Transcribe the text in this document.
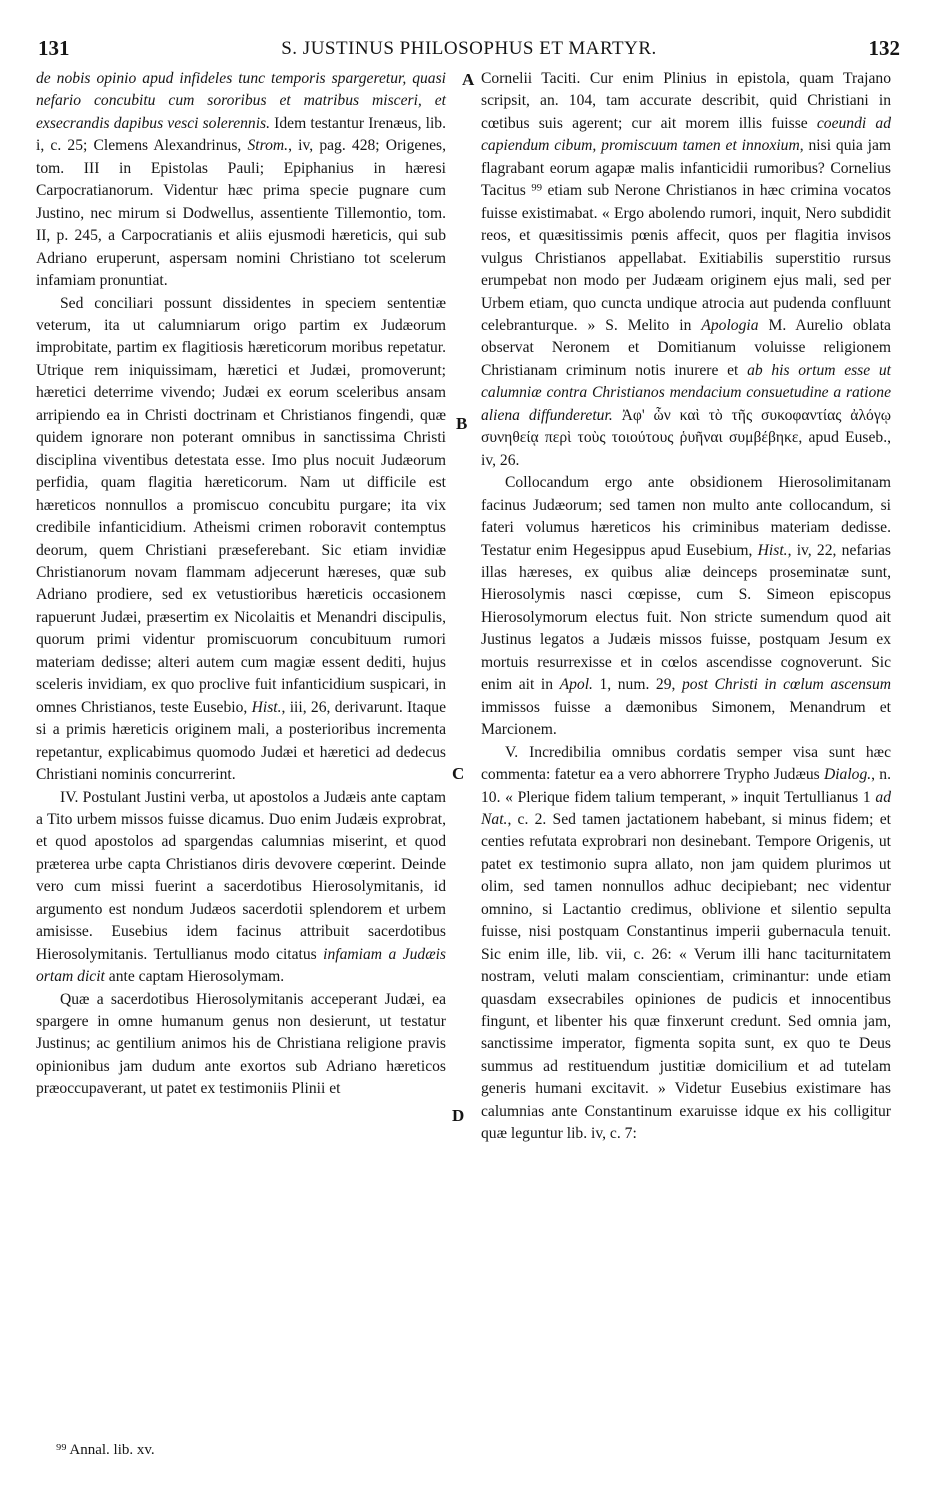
131	S. JUSTINUS PHILOSOPHUS ET MARTYR.	132

de nobis opinio apud infideles tunc temporis spargeretur, quasi nefario concubitu cum sororibus et matribus misceri, et exsecrandis dapibus vesci solerennis. Idem testantur Irenæus, lib. i, c. 25; Clemens Alexandrinus, Strom., iv, pag. 428; Origenes, tom. III in Epistolas Pauli; Epiphanius in hæresi Carpocratianorum. Videntur hæc prima specie pugnare cum Justino, nec mirum si Dodwellus, assentiente Tillemontio, tom. II, p. 245, a Carpocratianis et aliis ejusmodi hæreticis, qui sub Adriano eruperunt, aspersam nomini Christiano tot scelerum infamiam pronuntiat.

Sed conciliari possunt dissidentes in speciem sententiæ veterum, ita ut calumniarum origo partim ex Judæorum improbitate, partim ex flagitiosis hæreticorum moribus repetatur. Utrique rem iniquissimam, hæretici et Judæi, promoverunt; hæretici deterrime vivendo; Judæi ex eorum sceleribus ansam arripiendo ea in Christi doctrinam et Christianos fingendi, quæ quidem ignorare non poterant omnibus in sanctissima Christi disciplina viventibus detestata esse. Imo plus nocuit Judæorum perfidia, quam flagitia hæreticorum. Nam ut difficile est hæreticos nonnullos a promiscuo concubitu purgare; ita vix credibile infanticidium. Atheismi crimen roboravit contemptus deorum, quem Christiani præseferebant. Sic etiam invidiæ Christianorum novam flammam adjecerunt hæreses, quæ sub Adriano prodiere, sed ex vetustioribus hæreticis occasionem rapuerunt Judæi, præsertim ex Nicolaitis et Menandri discipulis, quorum primi videntur promiscuorum concubituum rumori materiam dedisse; alteri autem cum magiæ essent dediti, hujus sceleris invidiam, ex quo proclive fuit infanticidium suspicari, in omnes Christianos, teste Eusebio, Hist., iii, 26, derivarunt. Itaque si a primis hæreticis originem mali, a posterioribus incrementa repetantur, explicabimus quomodo Judæi et hæretici ad dedecus Christiani nominis concurrerint.

IV. Postulant Justini verba, ut apostolos a Judæis ante captam a Tito urbem missos fuisse dicamus. Duo enim Judæis exprobrat, et quod apostolos ad spargendas calumnias miserint, et quod præterea urbe capta Christianos diris devovere cœperint. Deinde vero cum missi fuerint a sacerdotibus Hierosolymitanis, id argumento est nondum Judæos sacerdotii splendorem et urbem amisisse. Eusebius idem facinus attribuit sacerdotibus Hierosolymitanis. Tertullianus modo citatus infamiam a Judæis ortam dicit ante captam Hierosolymam.

Quæ a sacerdotibus Hierosolymitanis acceperant Judæi, ea spargere in omne humanum genus non desierunt, ut testatur Justinus; ac gentilium animos his de Christiana religione pravis opinionibus jam dudum ante exortos sub Adriano hæreticos præoccupaverant, ut patet ex testimoniis Plinii et

Cornelii Taciti. Cur enim Plinius in epistola, quam Trajano scripsit, an. 104, tam accurate describit, quid Christiani in cœtibus suis agerent; cur ait morem illis fuisse coeundi ad capiendum cibum, promiscuum tamen et innoxium, nisi quia jam flagrabant eorum agapæ malis infanticidii rumoribus? Cornelius Tacitus ⁹⁹ etiam sub Nerone Christianos in hæc crimina vocatos fuisse existimabat. « Ergo abolendo rumori, inquit, Nero subdidit reos, et quæsitissimis pœnis affecit, quos per flagitia invisos vulgus Christianos appellabat. Exitiabilis superstitio rursus erumpebat non modo per Judæam originem ejus mali, sed per Urbem etiam, quo cuncta undique atrocia aut pudenda confluunt celebranturque. » S. Melito in Apologia M. Aurelio oblata observat Neronem et Domitianum voluisse religionem Christianam criminum notis inurere et ab his ortum esse ut calumniæ contra Christianos mendacium consuetudine a ratione aliena diffunderetur. Ἀφ' ὧν καὶ τὸ τῆς συκοφαντίας ἀλόγῳ συνηθείᾳ περὶ τοὺς τοιούτους ῥυῆναι συμβέβηκε, apud Euseb., iv, 26.

Collocandum ergo ante obsidionem Hierosolimitanam facinus Judæorum; sed tamen non multo ante collocandum, si fateri volumus hæreticos his criminibus materiam dedisse. Testatur enim Hegesippus apud Eusebium, Hist., iv, 22, nefarias illas hæreses, ex quibus aliæ deinceps proseminatæ sunt, Hierosolymis nasci cœpisse, cum S. Simeon episcopus Hierosolymorum electus fuit. Non stricte sumendum quod ait Justinus legatos a Judæis missos fuisse, postquam Jesum ex mortuis resurrexisse et in cœlos ascendisse cognoverunt. Sic enim ait in Apol. 1, num. 29, post Christi in cœlum ascensum immissos fuisse a dæmonibus Simonem, Menandrum et Marcionem.

V. Incredibilia omnibus cordatis semper visa sunt hæc commenta: fatetur ea a vero abhorrere Trypho Judæus Dialog., n. 10. « Plerique fidem talium temperant, » inquit Tertullianus 1 ad Nat., c. 2. Sed tamen jactationem habebant, si minus fidem; et centies refutata exprobrari non desinebant. Tempore Origenis, ut patet ex testimonio supra allato, non jam quidem plurimos ut olim, sed tamen nonnullos adhuc decipiebant; nec videntur omnino, si Lactantio credimus, oblivione et silentio sepulta fuisse, nisi postquam Constantinus imperii gubernacula tenuit. Sic enim ille, lib. vii, c. 26: « Verum illi hanc taciturnitatem nostram, veluti malam conscientiam, criminantur: unde etiam quasdam exsecrabiles opiniones de pudicis et innocentibus fingunt, et libenter his quæ finxerunt credunt. Sed omnia jam, sanctissime imperator, figmenta sopita sunt, ex quo te Deus summus ad restituendum justitiæ domicilium et ad tutelam generis humani excitavit. » Videtur Eusebius existimare has calumnias ante Constantinum exaruisse idque ex his colligitur quæ leguntur lib. iv, c. 7:

A
B
C
D
⁹⁹ Annal. lib. xv.
